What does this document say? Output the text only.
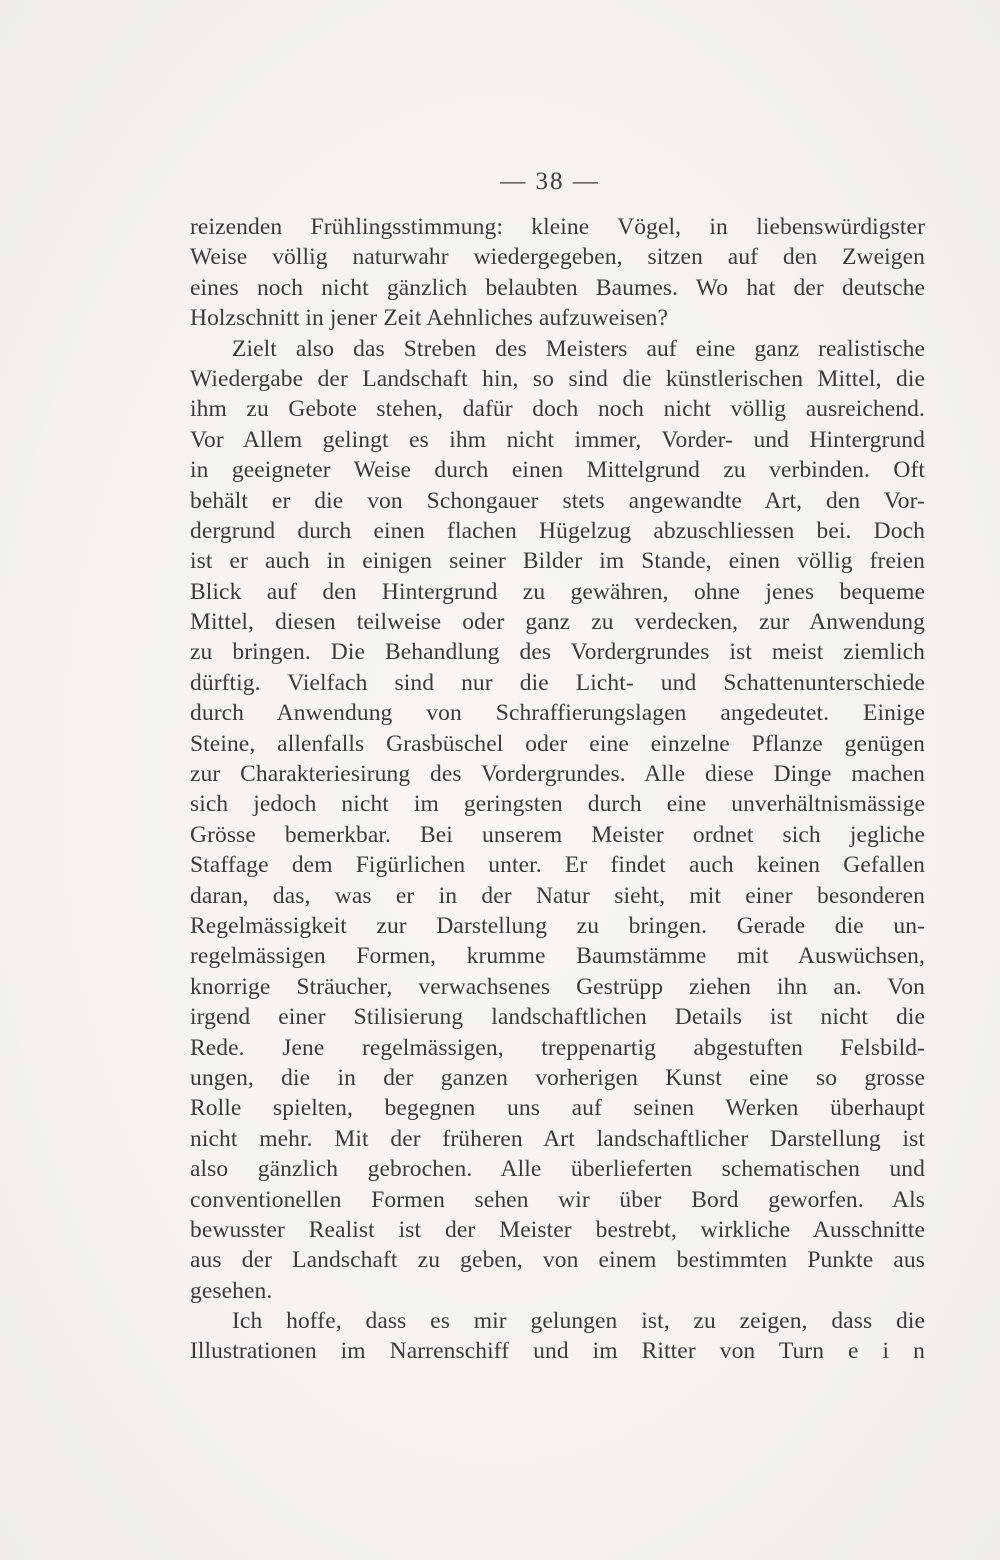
— 38 —
reizenden Frühlingsstimmung: kleine Vögel, in liebenswürdigster
Weise völlig naturwahr wiedergegeben, sitzen auf den Zweigen
eines noch nicht gänzlich belaubten Baumes. Wo hat der deutsche
Holzschnitt in jener Zeit Aehnliches aufzuweisen?
Zielt also das Streben des Meisters auf eine ganz realistische
Wiedergabe der Landschaft hin, so sind die künstlerischen Mittel, die
ihm zu Gebote stehen, dafür doch noch nicht völlig ausreichend.
Vor Allem gelingt es ihm nicht immer, Vorder- und Hintergrund
in geeigneter Weise durch einen Mittelgrund zu verbinden. Oft
behält er die von Schongauer stets angewandte Art, den Vor-
dergrund durch einen flachen Hügelzug abzuschliessen bei. Doch
ist er auch in einigen seiner Bilder im Stande, einen völlig freien
Blick auf den Hintergrund zu gewähren, ohne jenes bequeme
Mittel, diesen teilweise oder ganz zu verdecken, zur Anwendung
zu bringen. Die Behandlung des Vordergrundes ist meist ziemlich
dürftig. Vielfach sind nur die Licht- und Schattenunterschiede
durch Anwendung von Schraffierungslagen angedeutet. Einige
Steine, allenfalls Grasbüschel oder eine einzelne Pflanze genügen
zur Charakteriesirung des Vordergrundes. Alle diese Dinge machen
sich jedoch nicht im geringsten durch eine unverhältnismässige
Grösse bemerkbar. Bei unserem Meister ordnet sich jegliche
Staffage dem Figürlichen unter. Er findet auch keinen Gefallen
daran, das, was er in der Natur sieht, mit einer besonderen
Regelmässigkeit zur Darstellung zu bringen. Gerade die un-
regelmässigen Formen, krumme Baumstämme mit Auswüchsen,
knorrige Sträucher, verwachsenes Gestrüpp ziehen ihn an. Von
irgend einer Stilisierung landschaftlichen Details ist nicht die
Rede. Jene regelmässigen, treppenartig abgestuften Felsbild-
ungen, die in der ganzen vorherigen Kunst eine so grosse
Rolle spielten, begegnen uns auf seinen Werken überhaupt
nicht mehr. Mit der früheren Art landschaftlicher Darstellung ist
also gänzlich gebrochen. Alle überlieferten schematischen und
conventionellen Formen sehen wir über Bord geworfen. Als
bewusster Realist ist der Meister bestrebt, wirkliche Ausschnitte
aus der Landschaft zu geben, von einem bestimmten Punkte aus
gesehen.
Ich hoffe, dass es mir gelungen ist, zu zeigen, dass die
Illustrationen im Narrenschiff und im Ritter von Turn e i n
